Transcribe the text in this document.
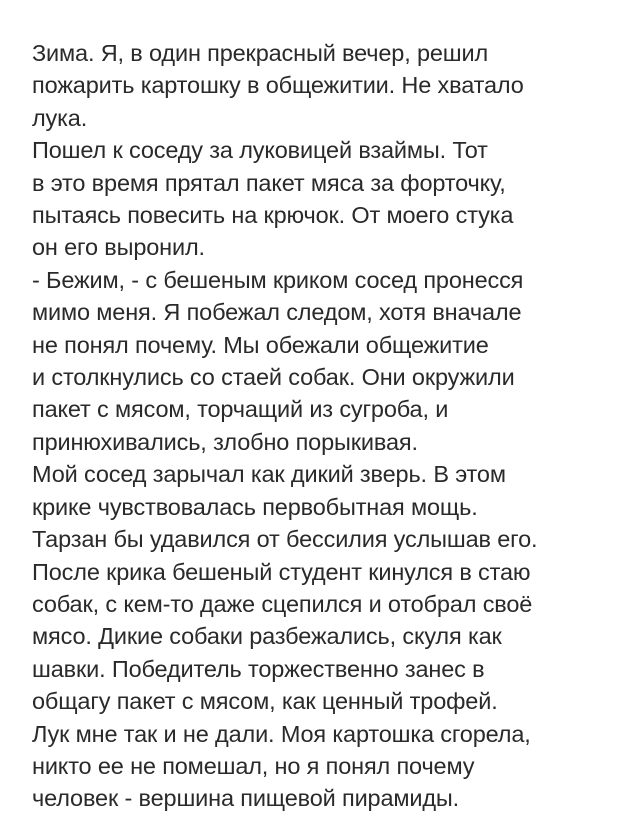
Зима. Я, в один прекрасный вечер, решил
пожарить картошку в общежитии. Не хватало
лука.
Пошел к соседу за луковицей взаймы. Тот
в это время прятал пакет мяса за форточку,
пытаясь повесить на крючок. От моего стука
он его выронил.
- Бежим, - с бешеным криком сосед пронесся
мимо меня. Я побежал следом, хотя вначале
не понял почему. Мы обежали общежитие
и столкнулись со стаей собак. Они окружили
пакет с мясом, торчащий из сугроба, и
принюхивались, злобно порыкивая.
Мой сосед зарычал как дикий зверь. В этом
крике чувствовалась первобытная мощь.
Тарзан бы удавился от бессилия услышав его.
После крика бешеный студент кинулся в стаю
собак, с кем-то даже сцепился и отобрал своё
мясо. Дикие собаки разбежались, скуля как
шавки. Победитель торжественно занес в
общагу пакет с мясом, как ценный трофей.
Лук мне так и не дали. Моя картошка сгорела,
никто ее не помешал, но я понял почему
человек - вершина пищевой пирамиды.
